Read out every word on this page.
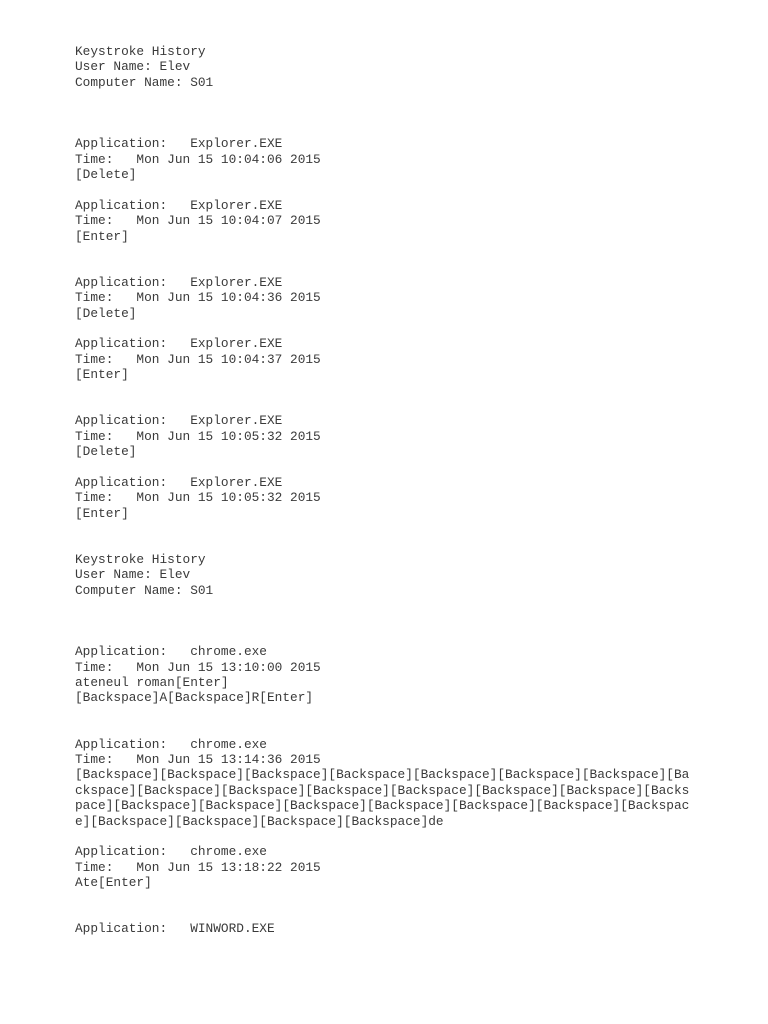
Keystroke History
User Name: Elev
Computer Name: S01
Application:   Explorer.EXE
Time:   Mon Jun 15 10:04:06 2015
[Delete]
Application:   Explorer.EXE
Time:   Mon Jun 15 10:04:07 2015
[Enter]
Application:   Explorer.EXE
Time:   Mon Jun 15 10:04:36 2015
[Delete]
Application:   Explorer.EXE
Time:   Mon Jun 15 10:04:37 2015
[Enter]
Application:   Explorer.EXE
Time:   Mon Jun 15 10:05:32 2015
[Delete]
Application:   Explorer.EXE
Time:   Mon Jun 15 10:05:32 2015
[Enter]
Keystroke History
User Name: Elev
Computer Name: S01
Application:   chrome.exe
Time:   Mon Jun 15 13:10:00 2015
ateneul roman[Enter]
[Backspace]A[Backspace]R[Enter]
Application:   chrome.exe
Time:   Mon Jun 15 13:14:36 2015
[Backspace][Backspace][Backspace][Backspace][Backspace][Backspace][Backspace][Ba
ckspace][Backspace][Backspace][Backspace][Backspace][Backspace][Backspace][Backs
pace][Backspace][Backspace][Backspace][Backspace][Backspace][Backspace][Backspac
e][Backspace][Backspace][Backspace][Backspace]de
Application:   chrome.exe
Time:   Mon Jun 15 13:18:22 2015
Ate[Enter]
Application:   WINWORD.EXE
